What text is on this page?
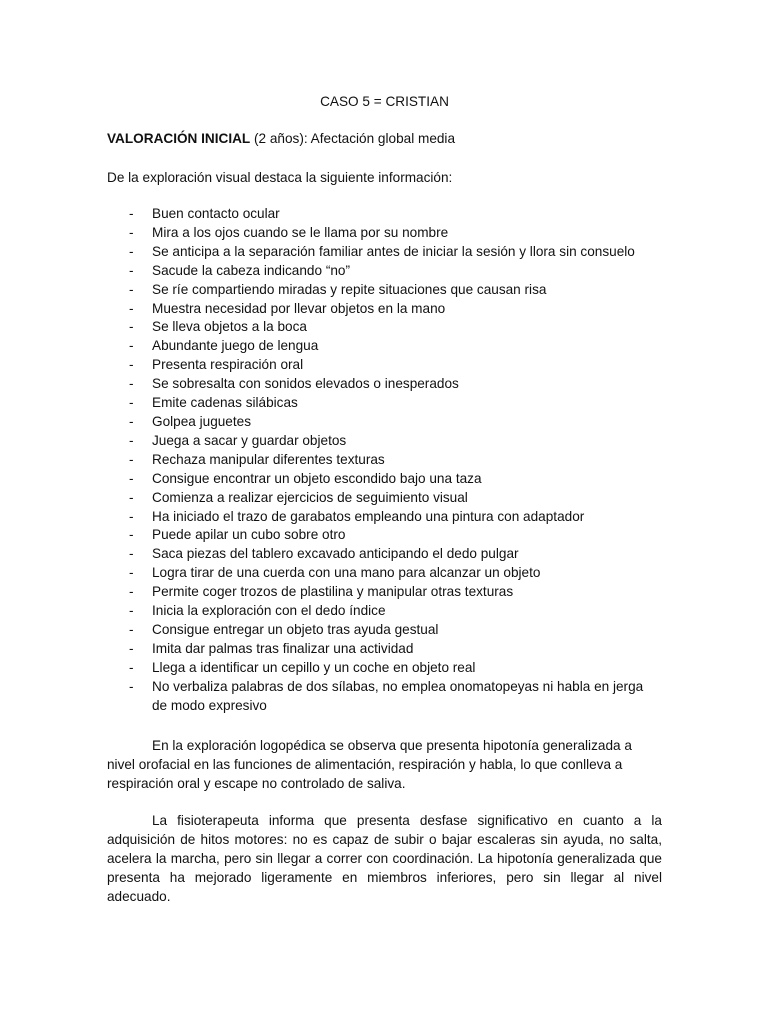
CASO 5 = CRISTIAN
VALORACIÓN INICIAL (2 años): Afectación global media
De la exploración visual destaca la siguiente información:
- Buen contacto ocular
- Mira a los ojos cuando se le llama por su nombre
- Se anticipa a la separación familiar antes de iniciar la sesión y llora sin consuelo
- Sacude la cabeza indicando “no”
- Se ríe compartiendo miradas y repite situaciones que causan risa
- Muestra necesidad por llevar objetos en la mano
- Se lleva objetos a la boca
- Abundante juego de lengua
- Presenta respiración oral
- Se sobresalta con sonidos elevados o inesperados
- Emite cadenas silábicas
- Golpea juguetes
- Juega a sacar y guardar objetos
- Rechaza manipular diferentes texturas
- Consigue encontrar un objeto escondido bajo una taza
- Comienza a realizar ejercicios de seguimiento visual
- Ha iniciado el trazo de garabatos empleando una pintura con adaptador
- Puede apilar un cubo sobre otro
- Saca piezas del tablero excavado anticipando el dedo pulgar
- Logra tirar de una cuerda con una mano para alcanzar un objeto
- Permite coger trozos de plastilina y manipular otras texturas
- Inicia la exploración con el dedo índice
- Consigue entregar un objeto tras ayuda gestual
- Imita dar palmas tras finalizar una actividad
- Llega a identificar un cepillo y un coche en objeto real
- No verbaliza palabras de dos sílabas, no emplea onomatopeyas ni habla en jerga de modo expresivo

En la exploración logopédica se observa que presenta hipotonía generalizada a nivel orofacial en las funciones de alimentación, respiración y habla, lo que conlleva a respiración oral y escape no controlado de saliva.

La fisioterapeuta informa que presenta desfase significativo en cuanto a la adquisición de hitos motores: no es capaz de subir o bajar escaleras sin ayuda, no salta, acelera la marcha, pero sin llegar a correr con coordinación. La hipotonía generalizada que presenta ha mejorado ligeramente en miembros inferiores, pero sin llegar al nivel adecuado.
